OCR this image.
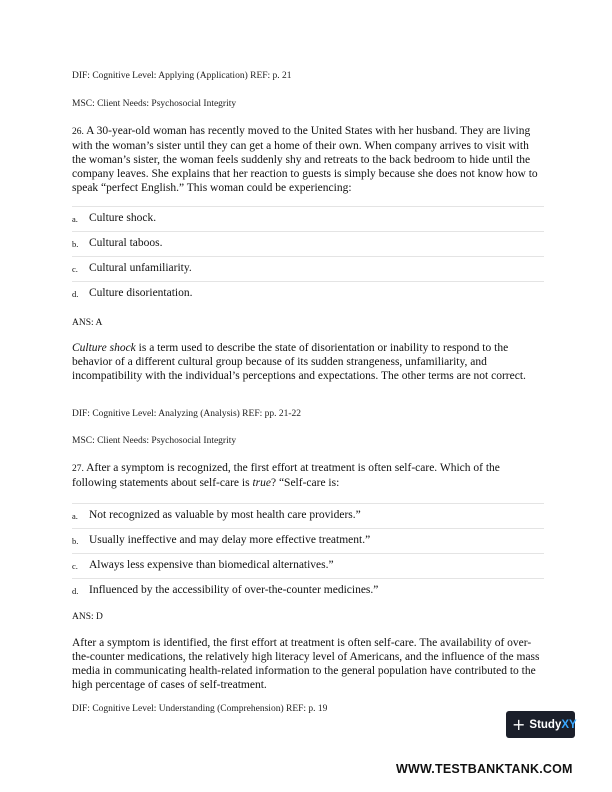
DIF: Cognitive Level: Applying (Application) REF: p. 21
MSC: Client Needs: Psychosocial Integrity
26. A 30-year-old woman has recently moved to the United States with her husband. They are living with the woman’s sister until they can get a home of their own. When company arrives to visit with the woman’s sister, the woman feels suddenly shy and retreats to the back bedroom to hide until the company leaves. She explains that her reaction to guests is simply because she does not know how to speak “perfect English.” This woman could be experiencing:
a. Culture shock.
b. Cultural taboos.
c. Cultural unfamiliarity.
d. Culture disorientation.
ANS: A
Culture shock is a term used to describe the state of disorientation or inability to respond to the behavior of a different cultural group because of its sudden strangeness, unfamiliarity, and incompatibility with the individual’s perceptions and expectations. The other terms are not correct.
DIF: Cognitive Level: Analyzing (Analysis) REF: pp. 21-22
MSC: Client Needs: Psychosocial Integrity
27. After a symptom is recognized, the first effort at treatment is often self-care. Which of the following statements about self-care is true? “Self-care is:
a. Not recognized as valuable by most health care providers.”
b. Usually ineffective and may delay more effective treatment.”
c. Always less expensive than biomedical alternatives.”
d. Influenced by the accessibility of over-the-counter medicines.”
ANS: D
After a symptom is identified, the first effort at treatment is often self-care. The availability of over-the-counter medications, the relatively high literacy level of Americans, and the influence of the mass media in communicating health-related information to the general population have contributed to the high percentage of cases of self-treatment.
DIF: Cognitive Level: Understanding (Comprehension) REF: p. 19
+ StudyXY
WWW.TESTBANKTANK.COM
